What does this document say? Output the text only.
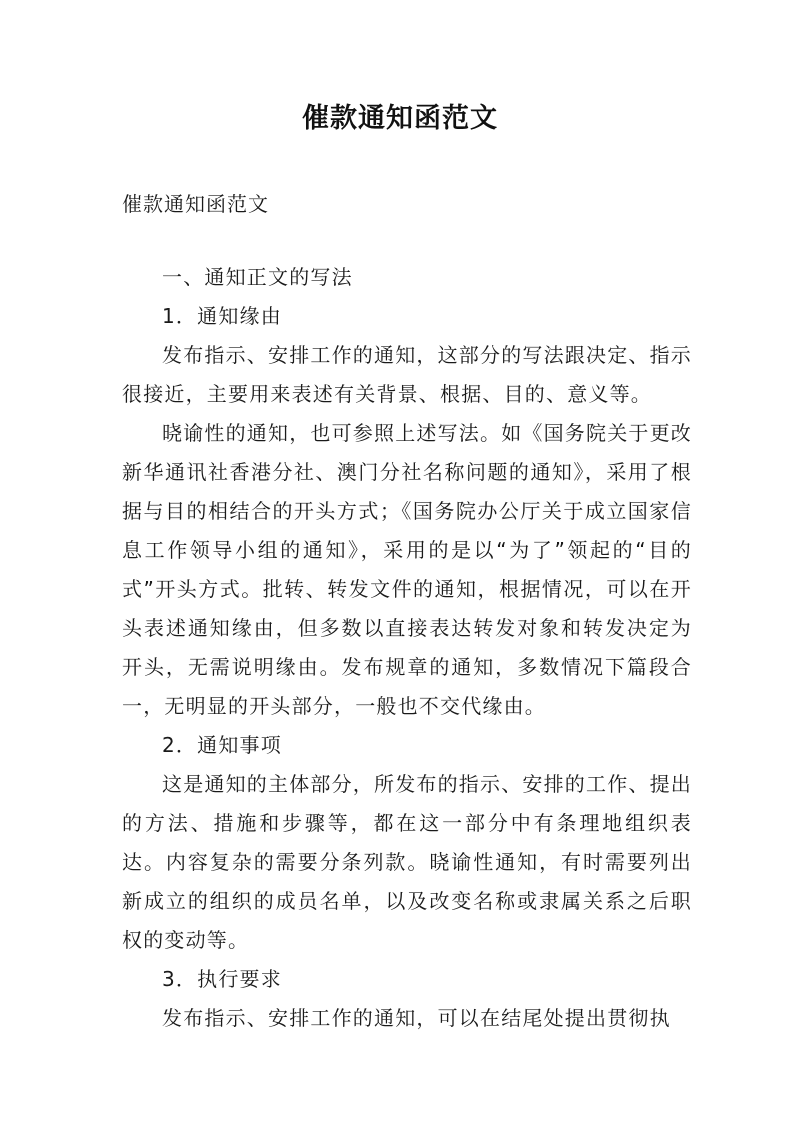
催款通知函范文
催款通知函范文

一、通知正文的写法

1．通知缘由

发布指示、安排工作的通知，这部分的写法跟决定、指示很接近，主要用来表述有关背景、根据、目的、意义等。

晓谕性的通知，也可参照上述写法。如《国务院关于更改新华通讯社香港分社、澳门分社名称问题的通知》，采用了根据与目的相结合的开头方式；《国务院办公厅关于成立国家信息工作领导小组的通知》，采用的是以“为了”领起的“目的式”开头方式。批转、转发文件的通知，根据情况，可以在开头表述通知缘由，但多数以直接表达转发对象和转发决定为开头，无需说明缘由。发布规章的通知，多数情况下篇段合一，无明显的开头部分，一般也不交代缘由。

2．通知事项

这是通知的主体部分，所发布的指示、安排的工作、提出的方法、措施和步骤等，都在这一部分中有条理地组织表达。内容复杂的需要分条列款。晓谕性通知，有时需要列出新成立的组织的成员名单，以及改变名称或隶属关系之后职权的变动等。

3．执行要求

发布指示、安排工作的通知，可以在结尾处提出贯彻执
